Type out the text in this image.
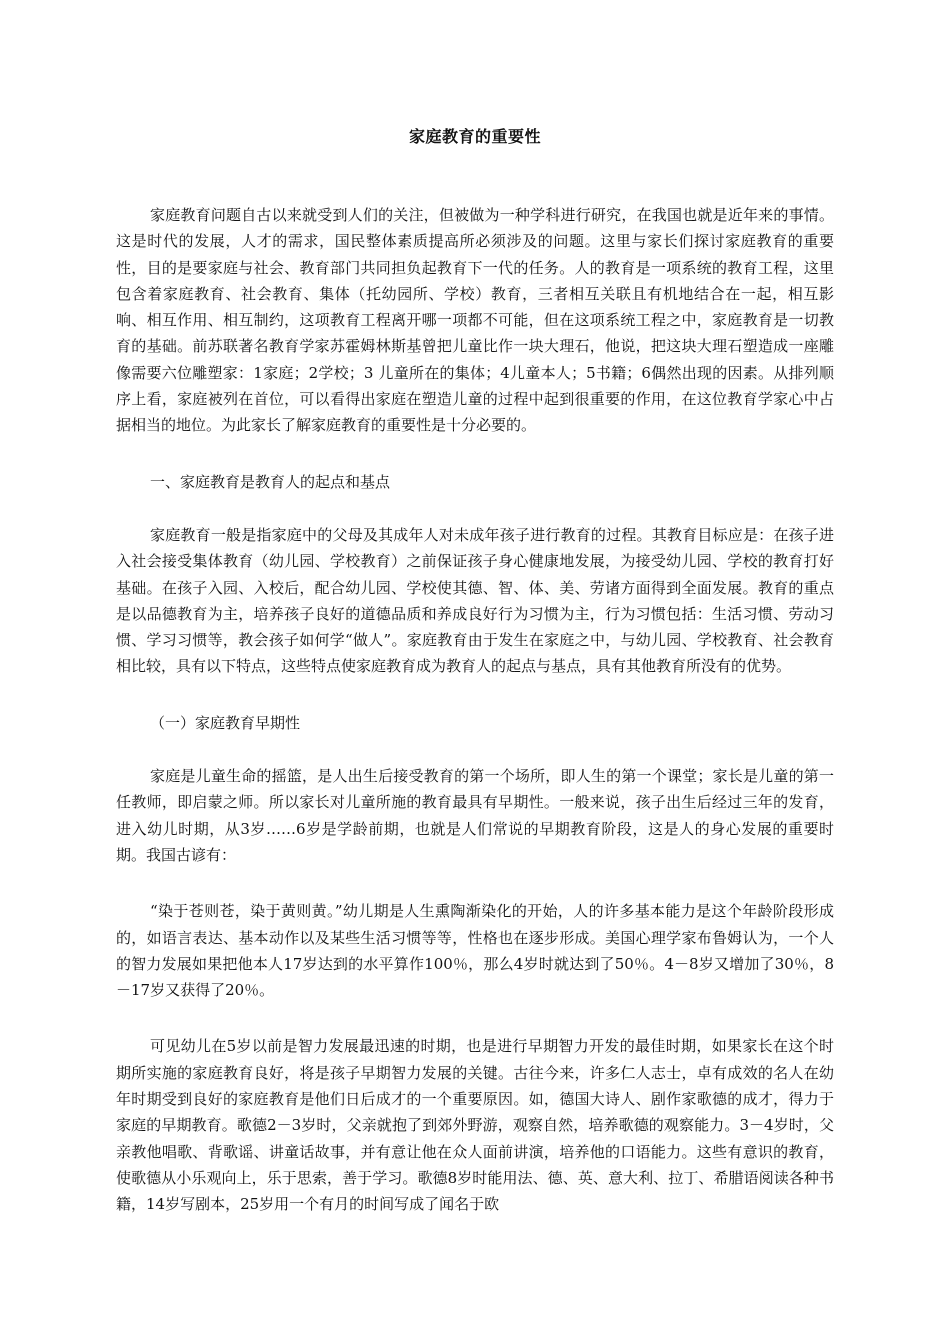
家庭教育的重要性

家庭教育问题自古以来就受到人们的关注，但被做为一种学科进行研究，在我国也就是近年来的事情。这是时代的发展，人才的需求，国民整体素质提高所必须涉及的问题。这里与家长们探讨家庭教育的重要性，目的是要家庭与社会、教育部门共同担负起教育下一代的任务。人的教育是一项系统的教育工程，这里包含着家庭教育、社会教育、集体（托幼园所、学校）教育，三者相互关联且有机地结合在一起，相互影响、相互作用、相互制约，这项教育工程离开哪一项都不可能，但在这项系统工程之中，家庭教育是一切教育的基础。前苏联著名教育学家苏霍姆林斯基曾把儿童比作一块大理石，他说，把这块大理石塑造成一座雕像需要六位雕塑家：1家庭；2学校；3 儿童所在的集体；4儿童本人；5书籍；6偶然出现的因素。从排列顺序上看，家庭被列在首位，可以看得出家庭在塑造儿童的过程中起到很重要的作用，在这位教育学家心中占据相当的地位。为此家长了解家庭教育的重要性是十分必要的。

一、家庭教育是教育人的起点和基点

家庭教育一般是指家庭中的父母及其成年人对未成年孩子进行教育的过程。其教育目标应是：在孩子进入社会接受集体教育（幼儿园、学校教育）之前保证孩子身心健康地发展，为接受幼儿园、学校的教育打好基础。在孩子入园、入校后，配合幼儿园、学校使其德、智、体、美、劳诸方面得到全面发展。教育的重点是以品德教育为主，培养孩子良好的道德品质和养成良好行为习惯为主，行为习惯包括：生活习惯、劳动习惯、学习习惯等，教会孩子如何学“做人”。家庭教育由于发生在家庭之中，与幼儿园、学校教育、社会教育相比较，具有以下特点，这些特点使家庭教育成为教育人的起点与基点，具有其他教育所没有的优势。

（一）家庭教育早期性

家庭是儿童生命的摇篮，是人出生后接受教育的第一个场所，即人生的第一个课堂；家长是儿童的第一任教师，即启蒙之师。所以家长对儿童所施的教育最具有早期性。一般来说，孩子出生后经过三年的发育，进入幼儿时期，从3岁……6岁是学龄前期，也就是人们常说的早期教育阶段，这是人的身心发展的重要时期。我国古谚有：

“染于苍则苍，染于黄则黄。”幼儿期是人生熏陶渐染化的开始，人的许多基本能力是这个年龄阶段形成的，如语言表达、基本动作以及某些生活习惯等等，性格也在逐步形成。美国心理学家布鲁姆认为，一个人的智力发展如果把他本人17岁达到的水平算作100％，那么4岁时就达到了50％。4－8岁又增加了30％，8－17岁又获得了20％。

可见幼儿在5岁以前是智力发展最迅速的时期，也是进行早期智力开发的最佳时期，如果家长在这个时期所实施的家庭教育良好，将是孩子早期智力发展的关键。古往今来，许多仁人志士，卓有成效的名人在幼年时期受到良好的家庭教育是他们日后成才的一个重要原因。如，德国大诗人、剧作家歌德的成才，得力于家庭的早期教育。歌德2－3岁时，父亲就抱了到郊外野游，观察自然，培养歌德的观察能力。3－4岁时，父亲教他唱歌、背歌谣、讲童话故事，并有意让他在众人面前讲演，培养他的口语能力。这些有意识的教育，使歌德从小乐观向上，乐于思索，善于学习。歌德8岁时能用法、德、英、意大利、拉丁、希腊语阅读各种书籍，14岁写剧本，25岁用一个有月的时间写成了闻名于欧
